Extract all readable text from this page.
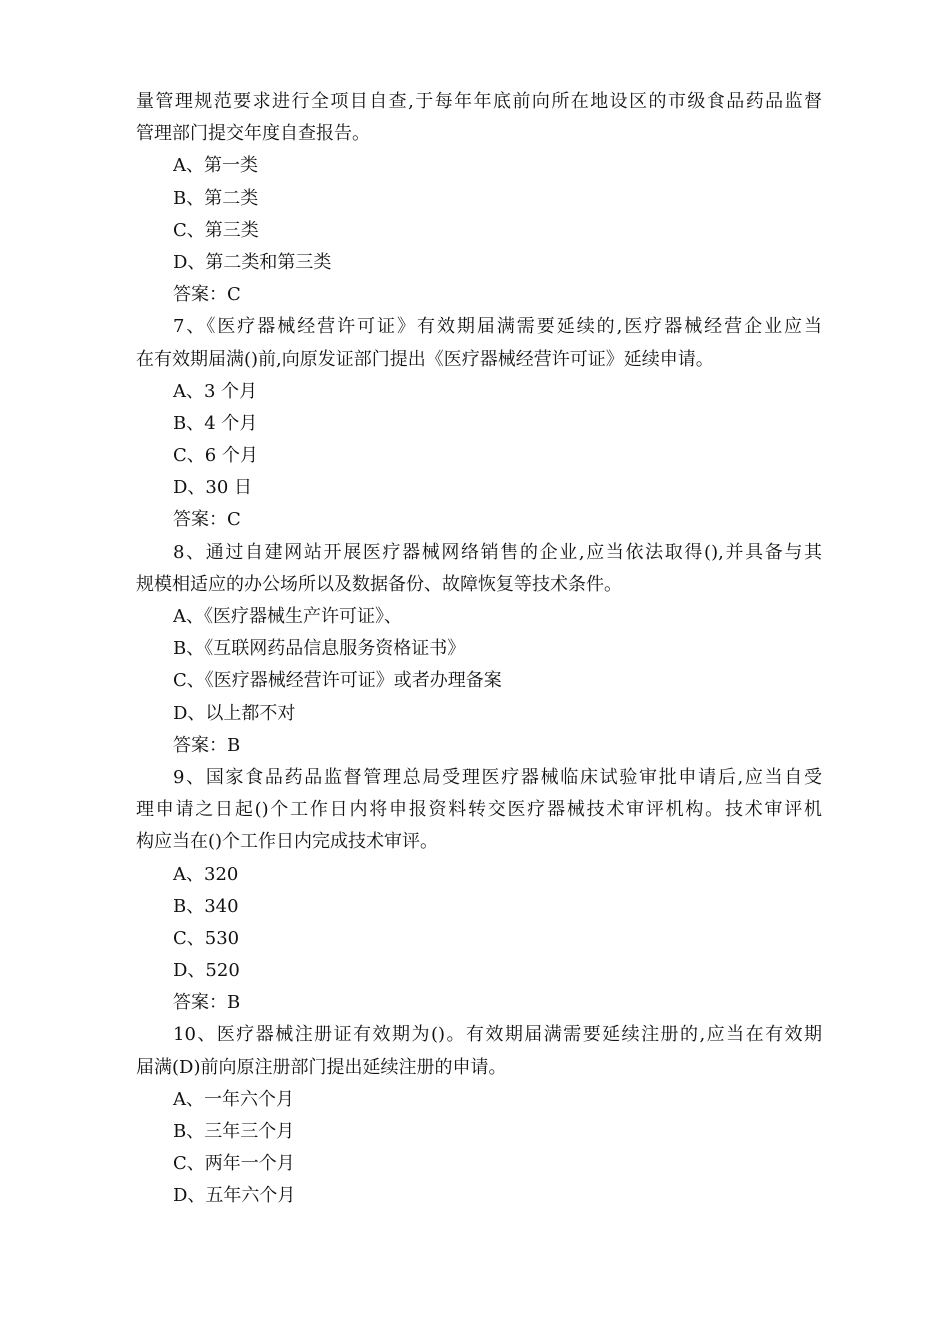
量管理规范要求进行全项目自查,于每年年底前向所在地设区的市级食品药品监督
管理部门提交年度自查报告。
A、第一类
B、第二类
C、第三类
D、第二类和第三类
答案：C
7、《医疗器械经营许可证》有效期届满需要延续的,医疗器械经营企业应当
在有效期届满()前,向原发证部门提出《医疗器械经营许可证》延续申请。
A、3 个月
B、4 个月
C、6 个月
D、30 日
答案：C
8、通过自建网站开展医疗器械网络销售的企业,应当依法取得(),并具备与其
规模相适应的办公场所以及数据备份、故障恢复等技术条件。
A、《医疗器械生产许可证》、
B、《互联网药品信息服务资格证书》
C、《医疗器械经营许可证》或者办理备案
D、以上都不对
答案：B
9、国家食品药品监督管理总局受理医疗器械临床试验审批申请后,应当自受
理申请之日起()个工作日内将申报资料转交医疗器械技术审评机构。技术审评机
构应当在()个工作日内完成技术审评。
A、320
B、340
C、530
D、520
答案：B
10、医疗器械注册证有效期为()。有效期届满需要延续注册的,应当在有效期
届满(D)前向原注册部门提出延续注册的申请。
A、一年六个月
B、三年三个月
C、两年一个月
D、五年六个月
